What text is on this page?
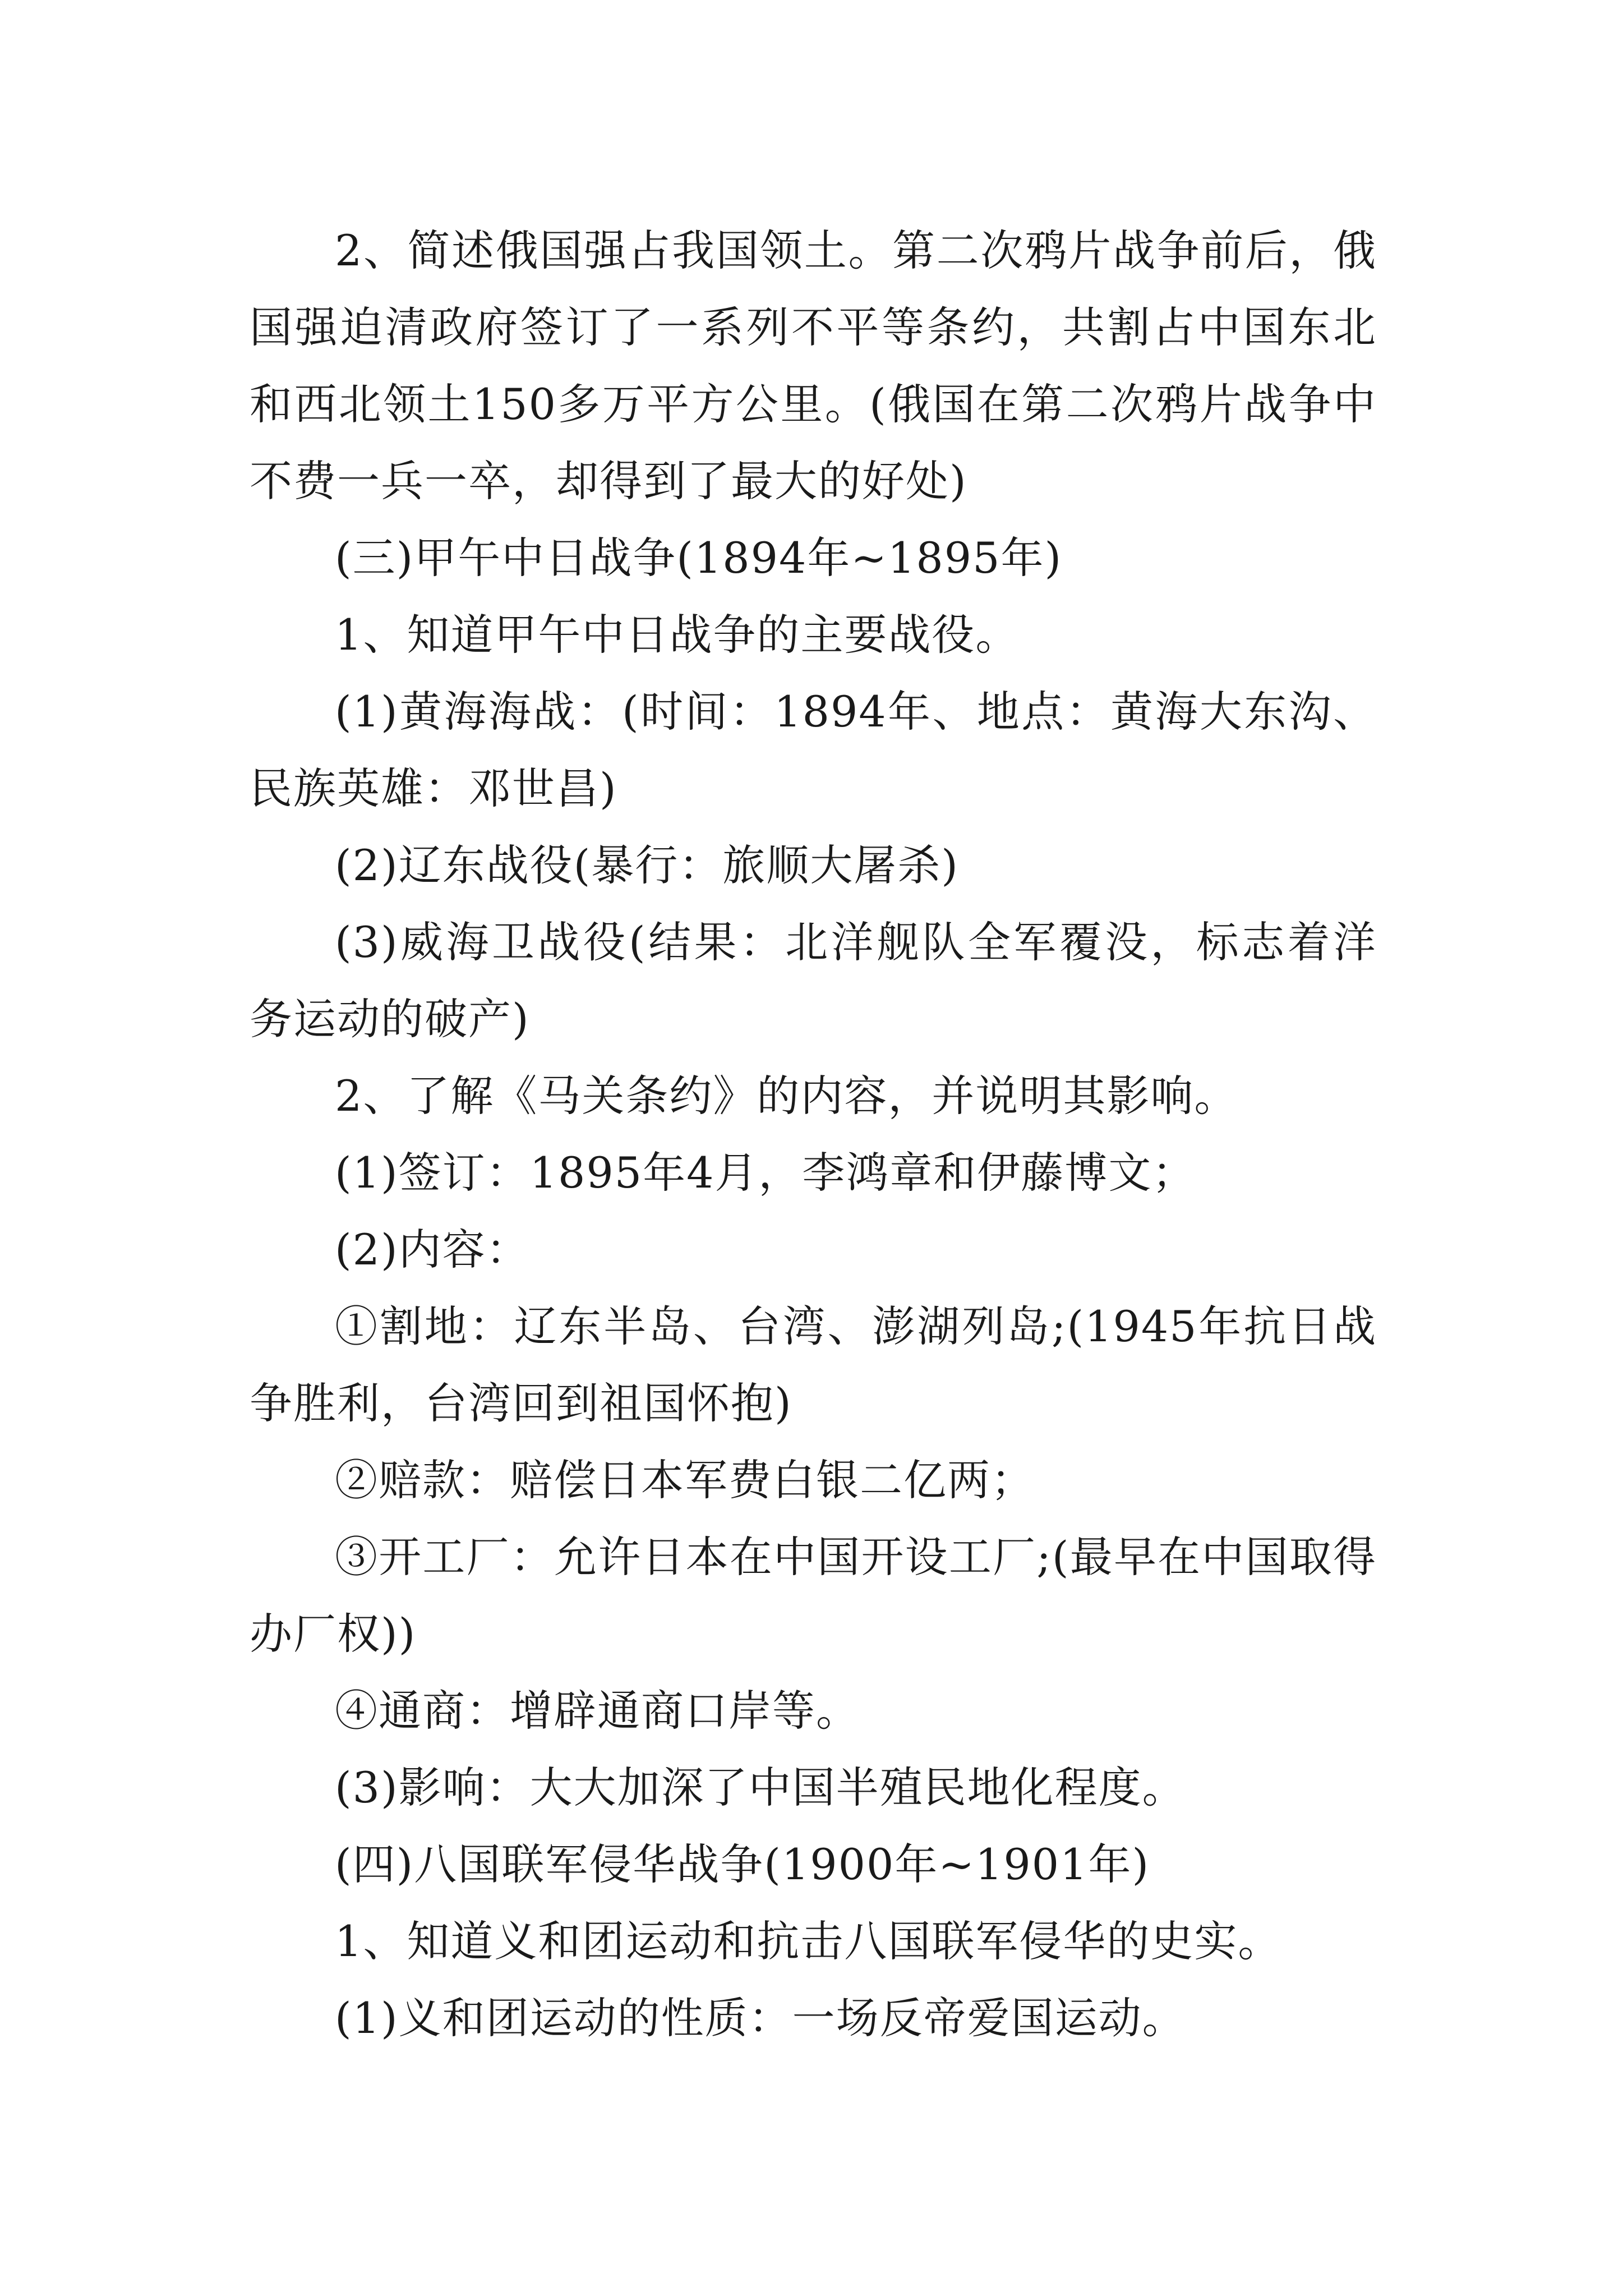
2、简述俄国强占我国领土。第二次鸦片战争前后，俄国强迫清政府签订了一系列不平等条约，共割占中国东北和西北领土150多万平方公里。(俄国在第二次鸦片战争中不费一兵一卒，却得到了最大的好处)

(三)甲午中日战争(1894年~1895年)

1、知道甲午中日战争的主要战役。

(1)黄海海战：(时间：1894年、地点：黄海大东沟、民族英雄：邓世昌)

(2)辽东战役(暴行：旅顺大屠杀)

(3)威海卫战役(结果：北洋舰队全军覆没，标志着洋务运动的破产)

2、了解《马关条约》的内容，并说明其影响。

(1)签订：1895年4月，李鸿章和伊藤博文；

(2)内容：

①割地：辽东半岛、台湾、澎湖列岛;(1945年抗日战争胜利，台湾回到祖国怀抱)

②赔款：赔偿日本军费白银二亿两；

③开工厂：允许日本在中国开设工厂;(最早在中国取得办厂权))

④通商：增辟通商口岸等。

(3)影响：大大加深了中国半殖民地化程度。

(四)八国联军侵华战争(1900年~1901年)

1、知道义和团运动和抗击八国联军侵华的史实。

(1)义和团运动的性质：一场反帝爱国运动。
